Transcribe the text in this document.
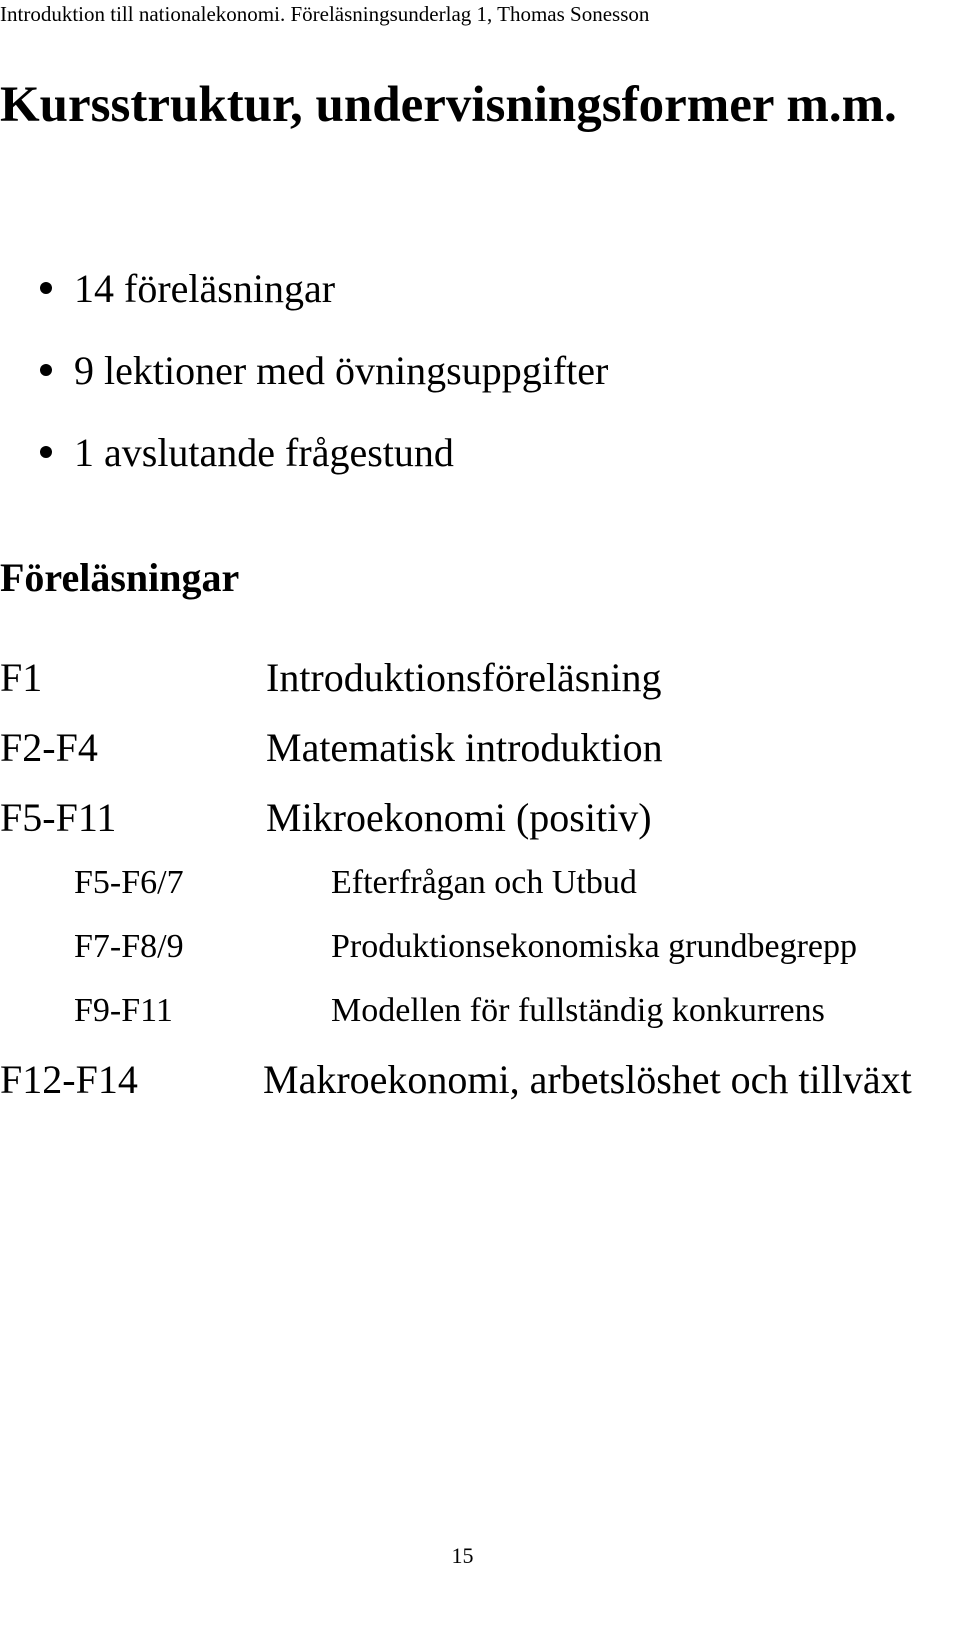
Introduktion till nationalekonomi. Föreläsningsunderlag 1, Thomas Sonesson
Kursstruktur, undervisningsformer m.m.
14 föreläsningar
9 lektioner med övningsuppgifter
1 avslutande frågestund
Föreläsningar
F1	Introduktionsföreläsning
F2-F4	Matematisk introduktion
F5-F11	Mikroekonomi (positiv)
F5-F6/7	Efterfrågan och Utbud
F7-F8/9	Produktionsekonomiska grundbegrepp
F9-F11	Modellen för fullständig konkurrens
F12-F14	Makroekonomi, arbetslöshet och tillväxt
15
